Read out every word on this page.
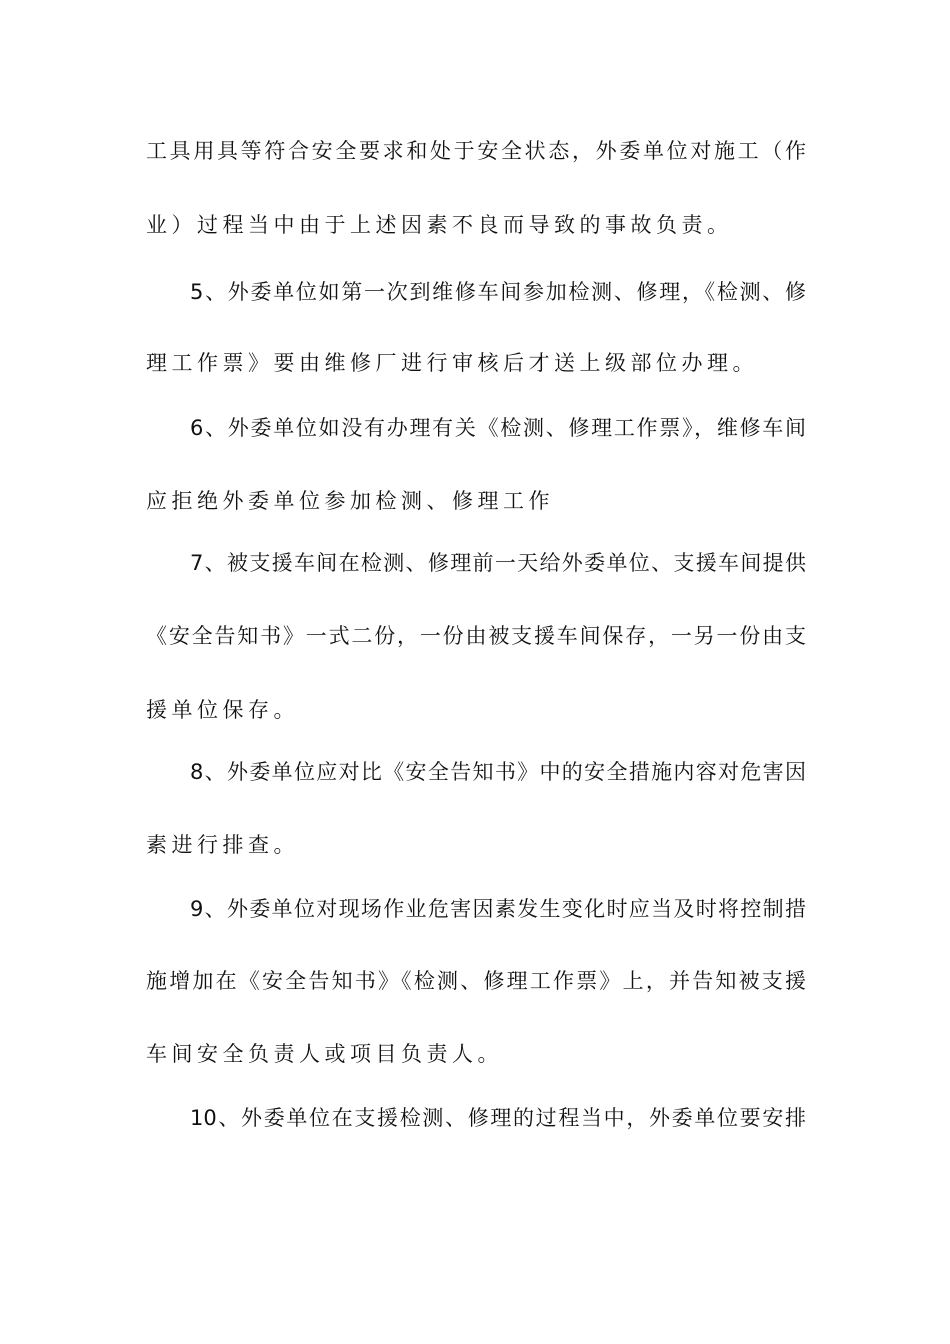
工具用具等符合安全要求和处于安全状态，外委单位对施工（作
业）过程当中由于上述因素不良而导致的事故负责。
5、外委单位如第一次到维修车间参加检测、修理，《检测、修
理工作票》要由维修厂进行审核后才送上级部位办理。
6、外委单位如没有办理有关《检测、修理工作票》，维修车间
应拒绝外委单位参加检测、修理工作
7、被支援车间在检测、修理前一天给外委单位、支援车间提供
《安全告知书》一式二份，一份由被支援车间保存，一另一份由支
援单位保存。
8、外委单位应对比《安全告知书》中的安全措施内容对危害因
素进行排查。
9、外委单位对现场作业危害因素发生变化时应当及时将控制措
施增加在《安全告知书》《检测、修理工作票》上，并告知被支援
车间安全负责人或项目负责人。
10、外委单位在支援检测、修理的过程当中，外委单位要安排
